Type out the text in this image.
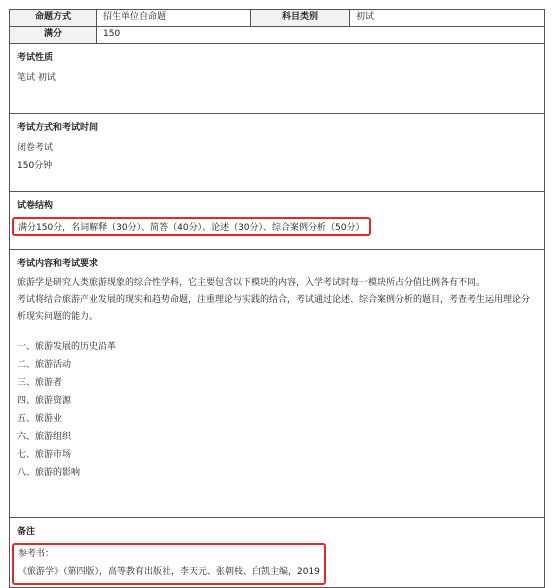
命题方式	招生单位自命题	科目类别	初试
满分	150
考试性质
笔试 初试
考试方式和考试时间
闭卷考试
150分钟
试卷结构
满分150分，名词解释（30分）、简答（40分）、论述（30分）、综合案例分析（50分）
考试内容和考试要求
旅游学是研究人类旅游现象的综合性学科，它主要包含以下模块的内容，入学考试时每一模块所占分值比例各有不同。
考试将结合旅游产业发展的现实和趋势命题，注重理论与实践的结合，考试通过论述、综合案例分析的题目，考查考生运用理论分析现实问题的能力。
一、旅游发展的历史沿革
二、旅游活动
三、旅游者
四、旅游资源
五、旅游业
六、旅游组织
七、旅游市场
八、旅游的影响
备注
参考书：
《旅游学》（第四版），高等教育出版社，李天元、张朝枝、白凯主编，2019
